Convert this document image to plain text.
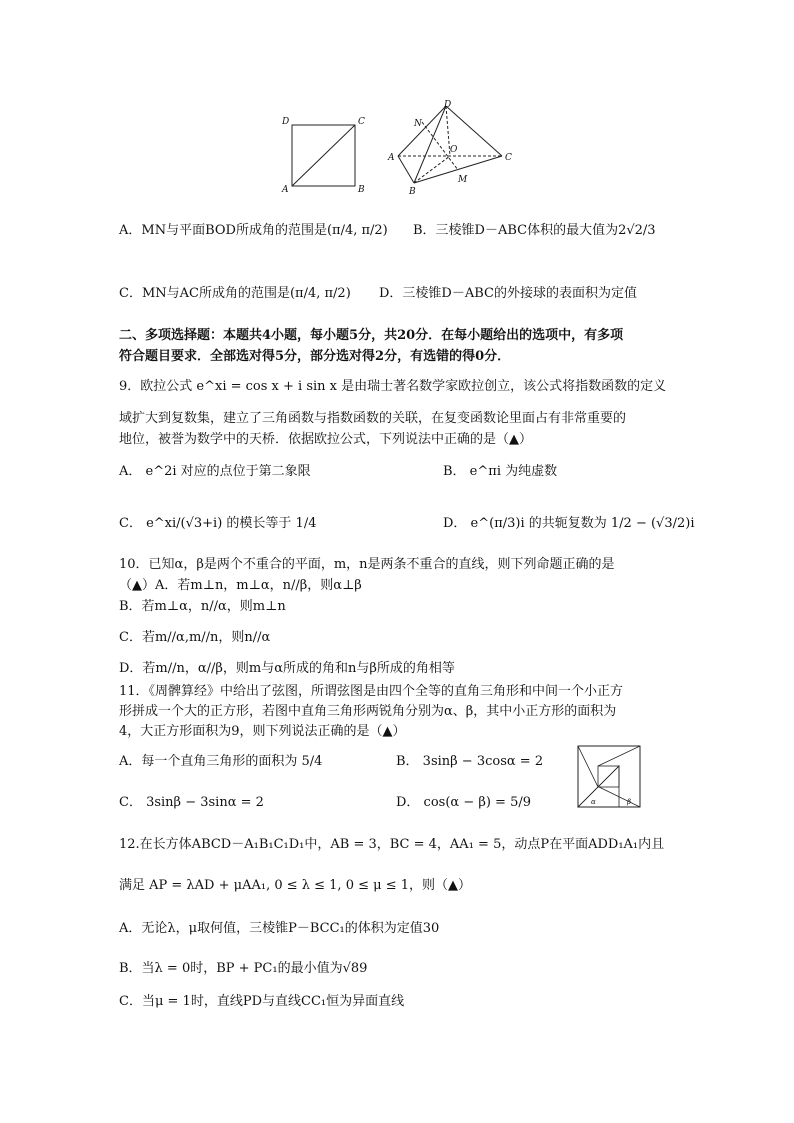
D	C
A	B
D
N
O
A	C
B
M
A．MN与平面BOD所成角的范围是(π/4, π/2) B．三棱锥D－ABC体积的最大值为2√2/3
C．MN与AC所成角的范围是(π/4, π/2) D．三棱锥D－ABC的外接球的表面积为定值
二、多项选择题：本题共4小题，每小题5分，共20分．在每小题给出的选项中，有多项
符合题目要求．全部选对得5分，部分选对得2分，有选错的得0分．
9．欧拉公式 e^xi = cos x + i sin x 是由瑞士著名数学家欧拉创立，该公式将指数函数的定义
域扩大到复数集，建立了三角函数与指数函数的关联，在复变函数论里面占有非常重要的
地位，被誉为数学中的天桥．依据欧拉公式，下列说法中正确的是（▲）
A． e^2i 对应的点位于第二象限	B． e^πi 为纯虚数
C． e^xi/(√3+i) 的模长等于 1/4	D． e^(π/3)i 的共轭复数为 1/2 − (√3/2)i
10．已知α，β是两个不重合的平面，m，n是两条不重合的直线，则下列命题正确的是
（▲）A．若m⊥n，m⊥α，n//β，则α⊥β
B．若m⊥α，n//α，则m⊥n
C．若m//α,m//n，则n//α
D．若m//n，α//β，则m与α所成的角和n与β所成的角相等
11．《周髀算经》中给出了弦图，所谓弦图是由四个全等的直角三角形和中间一个小正方
形拼成一个大的正方形，若图中直角三角形两锐角分别为α、β，其中小正方形的面积为
4，大正方形面积为9，则下列说法正确的是（▲）
A．每一个直角三角形的面积为 5/4	B． 3sinβ − 3cosα = 2
C． 3sinβ − 3sinα = 2	D． cos(α − β) = 5/9	α	β
12.在长方体ABCD－A₁B₁C₁D₁中，AB = 3，BC = 4，AA₁ = 5，动点P在平面ADD₁A₁内且
满足 AP = λAD + μAA₁, 0 ≤ λ ≤ 1, 0 ≤ μ ≤ 1，则（▲）
A．无论λ，μ取何值，三棱锥P－BCC₁的体积为定值30
B．当λ = 0时，BP + PC₁的最小值为√89
C．当μ = 1时，直线PD与直线CC₁恒为异面直线
